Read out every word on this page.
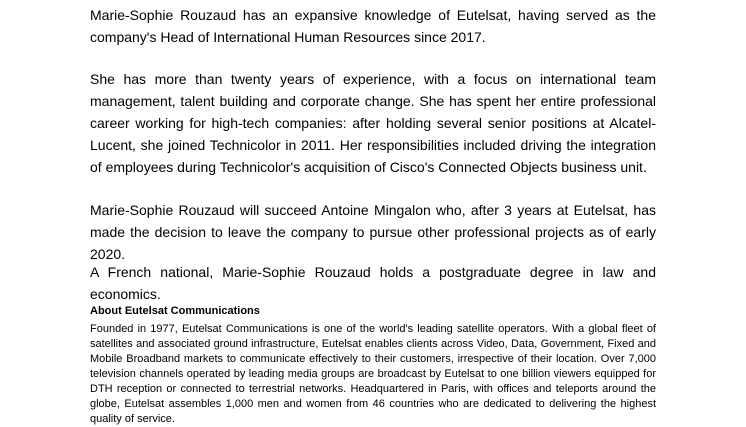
Marie-Sophie Rouzaud has an expansive knowledge of Eutelsat, having served as the company's Head of International Human Resources since 2017.

She has more than twenty years of experience, with a focus on international team management, talent building and corporate change. She has spent her entire professional career working for high-tech companies: after holding several senior positions at Alcatel-Lucent, she joined Technicolor in 2011. Her responsibilities included driving the integration of employees during Technicolor's acquisition of Cisco's Connected Objects business unit.

Marie-Sophie Rouzaud will succeed Antoine Mingalon who, after 3 years at Eutelsat, has made the decision to leave the company to pursue other professional projects as of early 2020.

A French national, Marie-Sophie Rouzaud holds a postgraduate degree in law and economics.

About Eutelsat Communications

Founded in 1977, Eutelsat Communications is one of the world's leading satellite operators. With a global fleet of satellites and associated ground infrastructure, Eutelsat enables clients across Video, Data, Government, Fixed and Mobile Broadband markets to communicate effectively to their customers, irrespective of their location. Over 7,000 television channels operated by leading media groups are broadcast by Eutelsat to one billion viewers equipped for DTH reception or connected to terrestrial networks. Headquartered in Paris, with offices and teleports around the globe, Eutelsat assembles 1,000 men and women from 46 countries who are dedicated to delivering the highest quality of service.
